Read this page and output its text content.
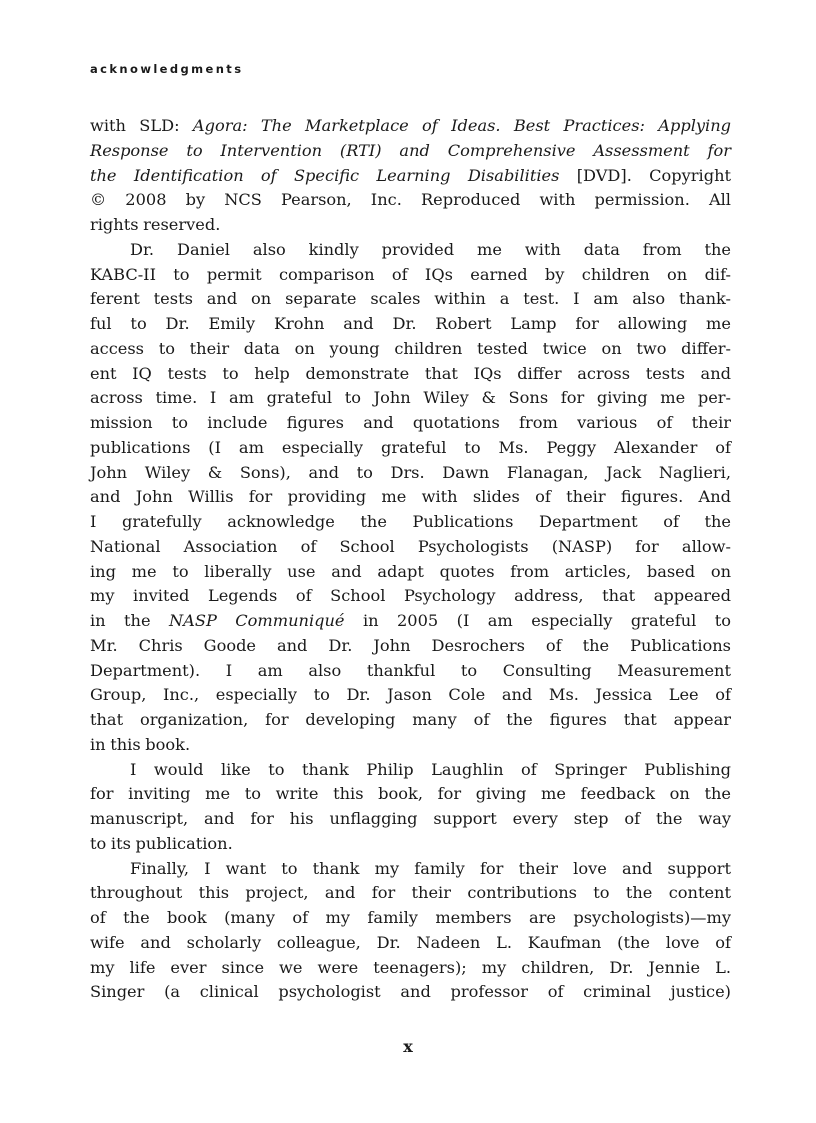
acknowledgments
with SLD: Agora: The Marketplace of Ideas. Best Practices: Applying
Response to Intervention (RTI) and Comprehensive Assessment for
the Identification of Specific Learning Disabilities [DVD]. Copyright
© 2008 by NCS Pearson, Inc. Reproduced with permission. All
rights reserved.
Dr. Daniel also kindly provided me with data from the
KABC-II to permit comparison of IQs earned by children on dif-
ferent tests and on separate scales within a test. I am also thank-
ful to Dr. Emily Krohn and Dr. Robert Lamp for allowing me
access to their data on young children tested twice on two differ-
ent IQ tests to help demonstrate that IQs differ across tests and
across time. I am grateful to John Wiley & Sons for giving me per-
mission to include figures and quotations from various of their
publications (I am especially grateful to Ms. Peggy Alexander of
John Wiley & Sons), and to Drs. Dawn Flanagan, Jack Naglieri,
and John Willis for providing me with slides of their figures. And
I gratefully acknowledge the Publications Department of the
National Association of School Psychologists (NASP) for allow-
ing me to liberally use and adapt quotes from articles, based on
my invited Legends of School Psychology address, that appeared
in the NASP Communiqué in 2005 (I am especially grateful to
Mr. Chris Goode and Dr. John Desrochers of the Publications
Department). I am also thankful to Consulting Measurement
Group, Inc., especially to Dr. Jason Cole and Ms. Jessica Lee of
that organization, for developing many of the figures that appear
in this book.
I would like to thank Philip Laughlin of Springer Publishing
for inviting me to write this book, for giving me feedback on the
manuscript, and for his unflagging support every step of the way
to its publication.
Finally, I want to thank my family for their love and support
throughout this project, and for their contributions to the content
of the book (many of my family members are psychologists)—my
wife and scholarly colleague, Dr. Nadeen L. Kaufman (the love of
my life ever since we were teenagers); my children, Dr. Jennie L.
Singer (a clinical psychologist and professor of criminal justice)
x
